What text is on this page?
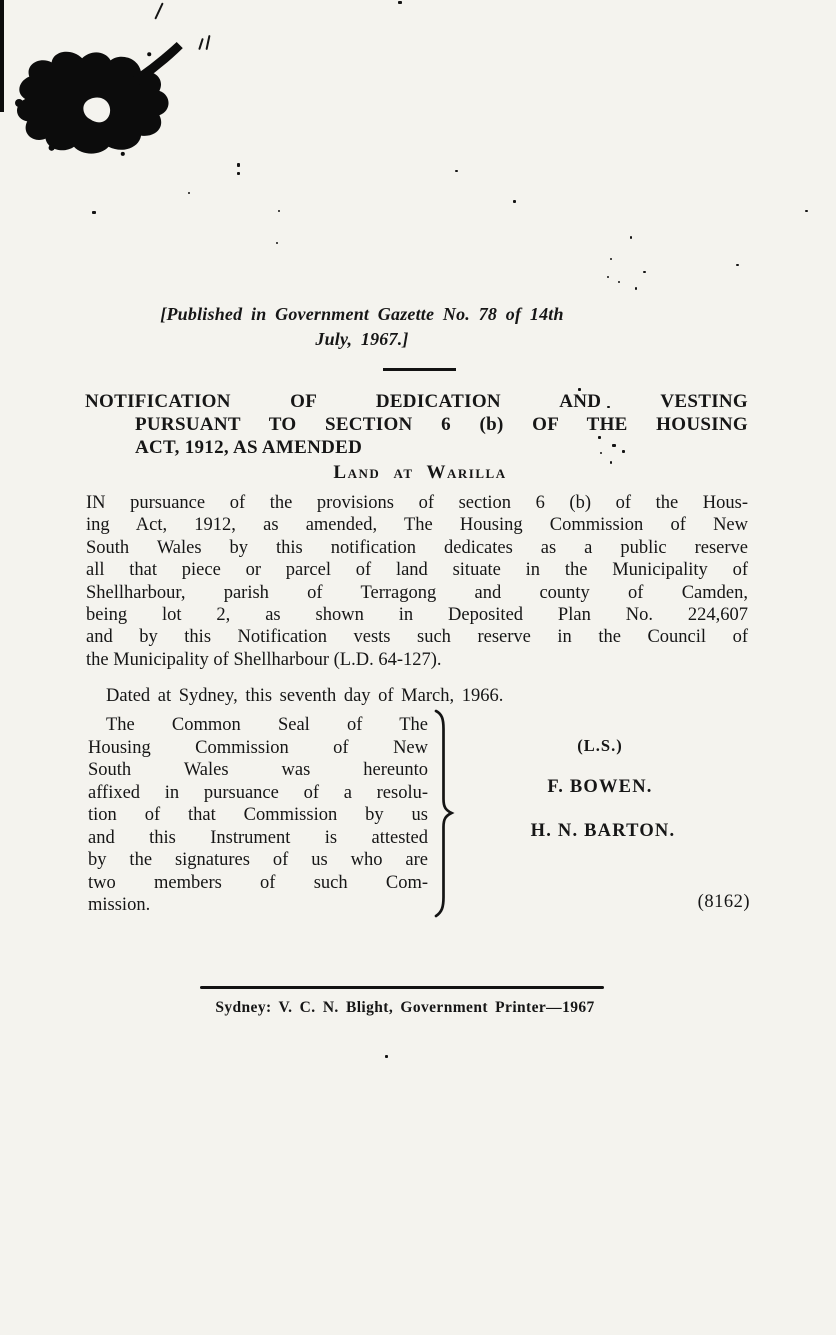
[Published in Government Gazette No. 78 of 14th
July, 1967.]
NOTIFICATION OF DEDICATION AND VESTING
PURSUANT TO SECTION 6 (b) OF THE HOUSING
ACT, 1912, AS AMENDED
Land at Warilla
IN pursuance of the provisions of section 6 (b) of the Hous-
ing Act, 1912, as amended, The Housing Commission of New
South Wales by this notification dedicates as a public reserve
all that piece or parcel of land situate in the Municipality of
Shellharbour, parish of Terragong and county of Camden,
being lot 2, as shown in Deposited Plan No. 224,607
and by this Notification vests such reserve in the Council of
the Municipality of Shellharbour (L.D. 64-127).
Dated at Sydney, this seventh day of March, 1966.
The Common Seal of The
Housing Commission of New
South Wales was hereunto
affixed in pursuance of a resolu-
tion of that Commission by us
and this Instrument is attested
by the signatures of us who are
two members of such Com-
mission.
(L.S.)
F. BOWEN.
H. N. BARTON.
(8162)
Sydney: V. C. N. Blight, Government Printer—1967
